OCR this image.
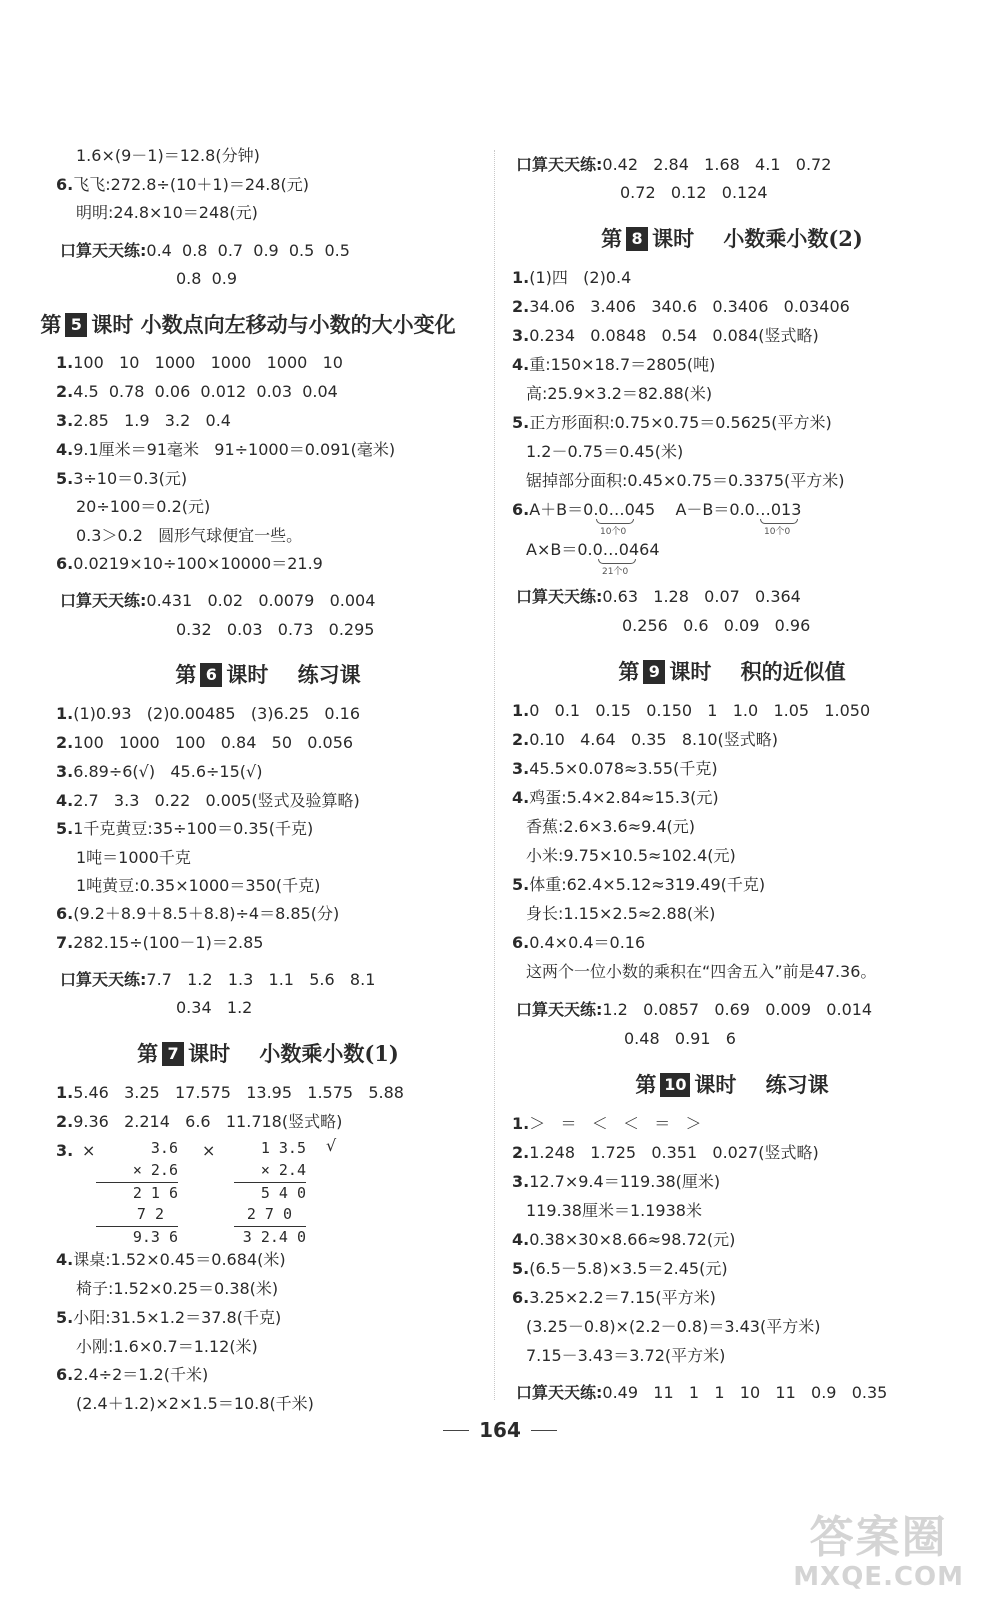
1.6×(9－1)＝12.8(分钟)
6.飞飞:272.8÷(10＋1)＝24.8(元)
明明:24.8×10＝248(元)
口算天天练:0.4  0.8  0.7  0.9  0.5  0.5
0.8  0.9
第 5 课时 小数点向左移动与小数的大小变化
1.100   10   1000   1000   1000   10
2.4.5  0.78  0.06  0.012  0.03  0.04
3.2.85   1.9   3.2   0.4
4.9.1厘米＝91毫米   91÷1000＝0.091(毫米)
5.3÷10＝0.3(元)
20÷100＝0.2(元)
0.3＞0.2   圆形气球便宜一些。
6.0.0219×10÷100×10000＝21.9
口算天天练:0.431   0.02   0.0079   0.004
0.32   0.03   0.73   0.295
第 6 课时    练习课
1.(1)0.93   (2)0.00485   (3)6.25   0.16
2.100   1000   100   0.84   50   0.056
3.6.89÷6(√)   45.6÷15(√)
4.2.7   3.3   0.22   0.005(竖式及验算略)
5.1千克黄豆:35÷100＝0.35(千克)
1吨＝1000千克
1吨黄豆:0.35×1000＝350(千克)
6.(9.2＋8.9＋8.5＋8.8)÷4＝8.85(分)
7.282.15÷(100－1)＝2.85
口算天天练:7.7   1.2   1.3   1.1   5.6   8.1
0.34   1.2
第 7 课时    小数乘小数(1)
1.5.46   3.25   17.575   13.95   1.575   5.88
2.9.36   2.214   6.6   11.718(竖式略)
3. ×	×	√
3.6
× 2.6
2 1 6
7 2
9.3 6
1 3.5
× 2.4
5 4 0
2 7 0
3 2.4 0
4.课桌:1.52×0.45＝0.684(米)
椅子:1.52×0.25＝0.38(米)
5.小阳:31.5×1.2＝37.8(千克)
小刚:1.6×0.7＝1.12(米)
6.2.4÷2＝1.2(千米)
(2.4＋1.2)×2×1.5＝10.8(千米)
口算天天练:0.42   2.84   1.68   4.1   0.72
0.72   0.12   0.124
第 8 课时    小数乘小数(2)
1.(1)四   (2)0.4
2.34.06   3.406   340.6   0.3406   0.03406
3.0.234   0.0848   0.54   0.084(竖式略)
4.重:150×18.7＝2805(吨)
高:25.9×3.2＝82.88(米)
5.正方形面积:0.75×0.75＝0.5625(平方米)
1.2－0.75＝0.45(米)
锯掉部分面积:0.45×0.75＝0.3375(平方米)
6.A＋B＝0.0…045    A－B＝0.0…013
10个0	10个0
A×B＝0.0…0464
21个0
口算天天练:0.63   1.28   0.07   0.364
0.256   0.6   0.09   0.96
第 9 课时    积的近似值
1.0   0.1   0.15   0.150   1   1.0   1.05   1.050
2.0.10   4.64   0.35   8.10(竖式略)
3.45.5×0.078≈3.55(千克)
4.鸡蛋:5.4×2.84≈15.3(元)
香蕉:2.6×3.6≈9.4(元)
小米:9.75×10.5≈102.4(元)
5.体重:62.4×5.12≈319.49(千克)
身长:1.15×2.5≈2.88(米)
6.0.4×0.4＝0.16
这两个一位小数的乘积在“四舍五入”前是47.36。
口算天天练:1.2   0.0857   0.69   0.009   0.014
0.48   0.91   6
第 10 课时    练习课
1.＞   ＝   ＜   ＜   ＝   ＞
2.1.248   1.725   0.351   0.027(竖式略)
3.12.7×9.4＝119.38(厘米)
119.38厘米＝1.1938米
4.0.38×30×8.66≈98.72(元)
5.(6.5－5.8)×3.5＝2.45(元)
6.3.25×2.2＝7.15(平方米)
(3.25－0.8)×(2.2－0.8)＝3.43(平方米)
7.15－3.43＝3.72(平方米)
口算天天练:0.49   11   1   1   10   11   0.9   0.35
164
答案圈
MXQE.COM
